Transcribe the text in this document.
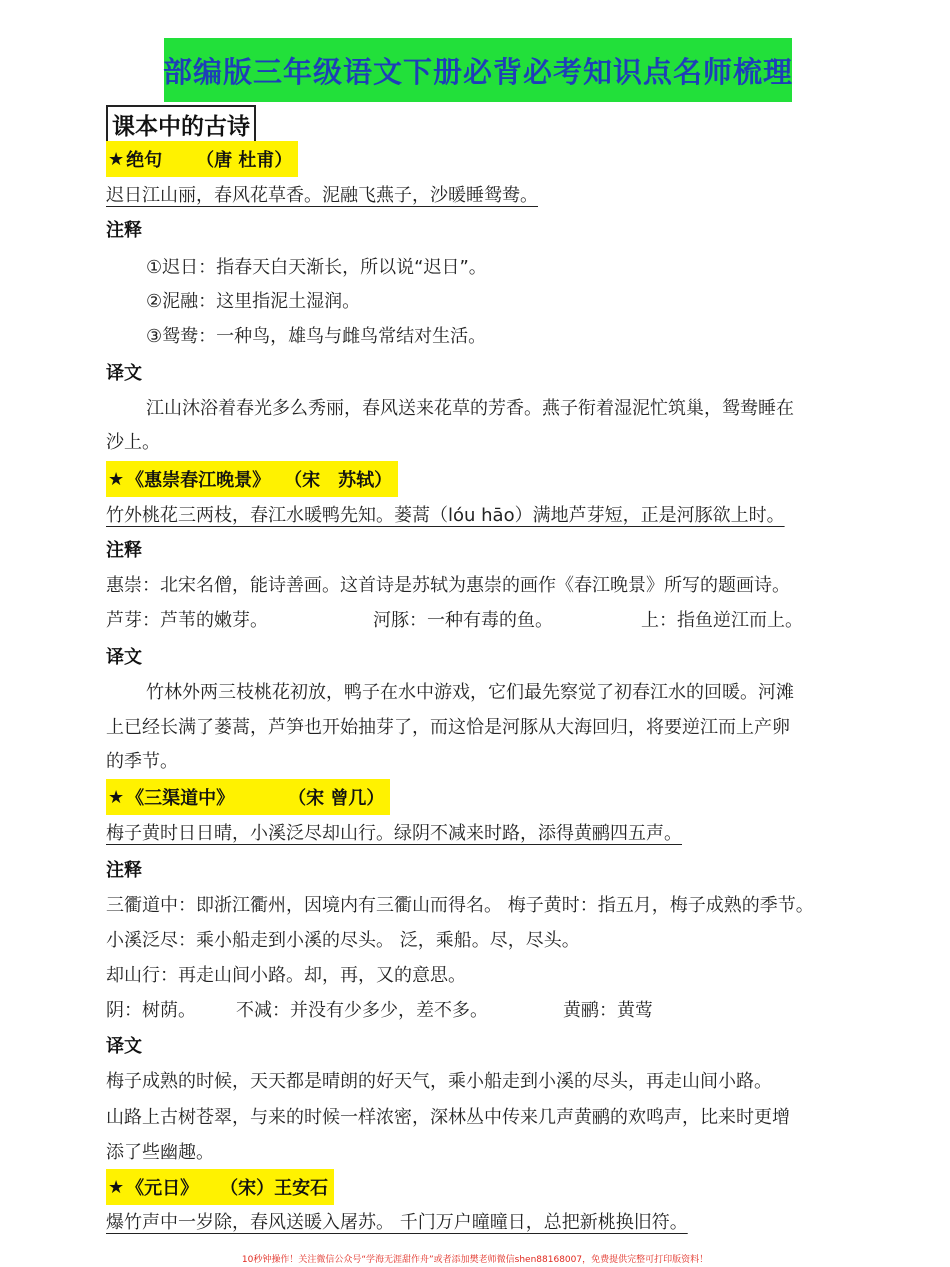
部编版三年级语文下册必背必考知识点名师梳理
课本中的古诗
★ 绝句 （唐 杜甫）
迟日江山丽，春风花草香。泥融飞燕子，沙暖睡鸳鸯。
注释
①迟日：指春天白天渐长，所以说“迟日”。
②泥融：这里指泥土湿润。
③鸳鸯：一种鸟，雄鸟与雌鸟常结对生活。
译文
江山沐浴着春光多么秀丽，春风送来花草的芳香。燕子衔着湿泥忙筑巢，鸳鸯睡在
沙上。
★ 《惠崇春江晚景》 （宋　苏轼）
竹外桃花三两枝，春江水暖鸭先知。蒌蒿（lóu hāo）满地芦芽短，正是河豚欲上时。
注释
惠崇：北宋名僧，能诗善画。这首诗是苏轼为惠崇的画作《春江晚景》所写的题画诗。
芦芽：芦苇的嫩芽。	河豚：一种有毒的鱼。	上：指鱼逆江而上。
译文
竹林外两三枝桃花初放，鸭子在水中游戏，它们最先察觉了初春江水的回暖。河滩
上已经长满了蒌蒿，芦笋也开始抽芽了，而这恰是河豚从大海回归，将要逆江而上产卵
的季节。
★ 《三渠道中》	（宋 曾几）
梅子黄时日日晴，小溪泛尽却山行。绿阴不减来时路，添得黄鹂四五声。
注释
三衢道中：即浙江衢州，因境内有三衢山而得名。 梅子黄时：指五月，梅子成熟的季节。
小溪泛尽：乘小船走到小溪的尽头。 泛，乘船。尽，尽头。
却山行：再走山间小路。却，再，又的意思。
阴：树荫。 不减：并没有少多少，差不多。	黄鹂：黄莺
译文
梅子成熟的时候，天天都是晴朗的好天气，乘小船走到小溪的尽头，再走山间小路。
山路上古树苍翠，与来的时候一样浓密，深林丛中传来几声黄鹂的欢鸣声，比来时更增
添了些幽趣。
★ 《元日》 （宋）王安石
爆竹声中一岁除，春风送暖入屠苏。 千门万户曈曈日，总把新桃换旧符。
10秒钟操作！关注微信公众号“学海无涯甜作舟”或者添加樊老师微信shen88168007，免费提供完整可打印版资料！
